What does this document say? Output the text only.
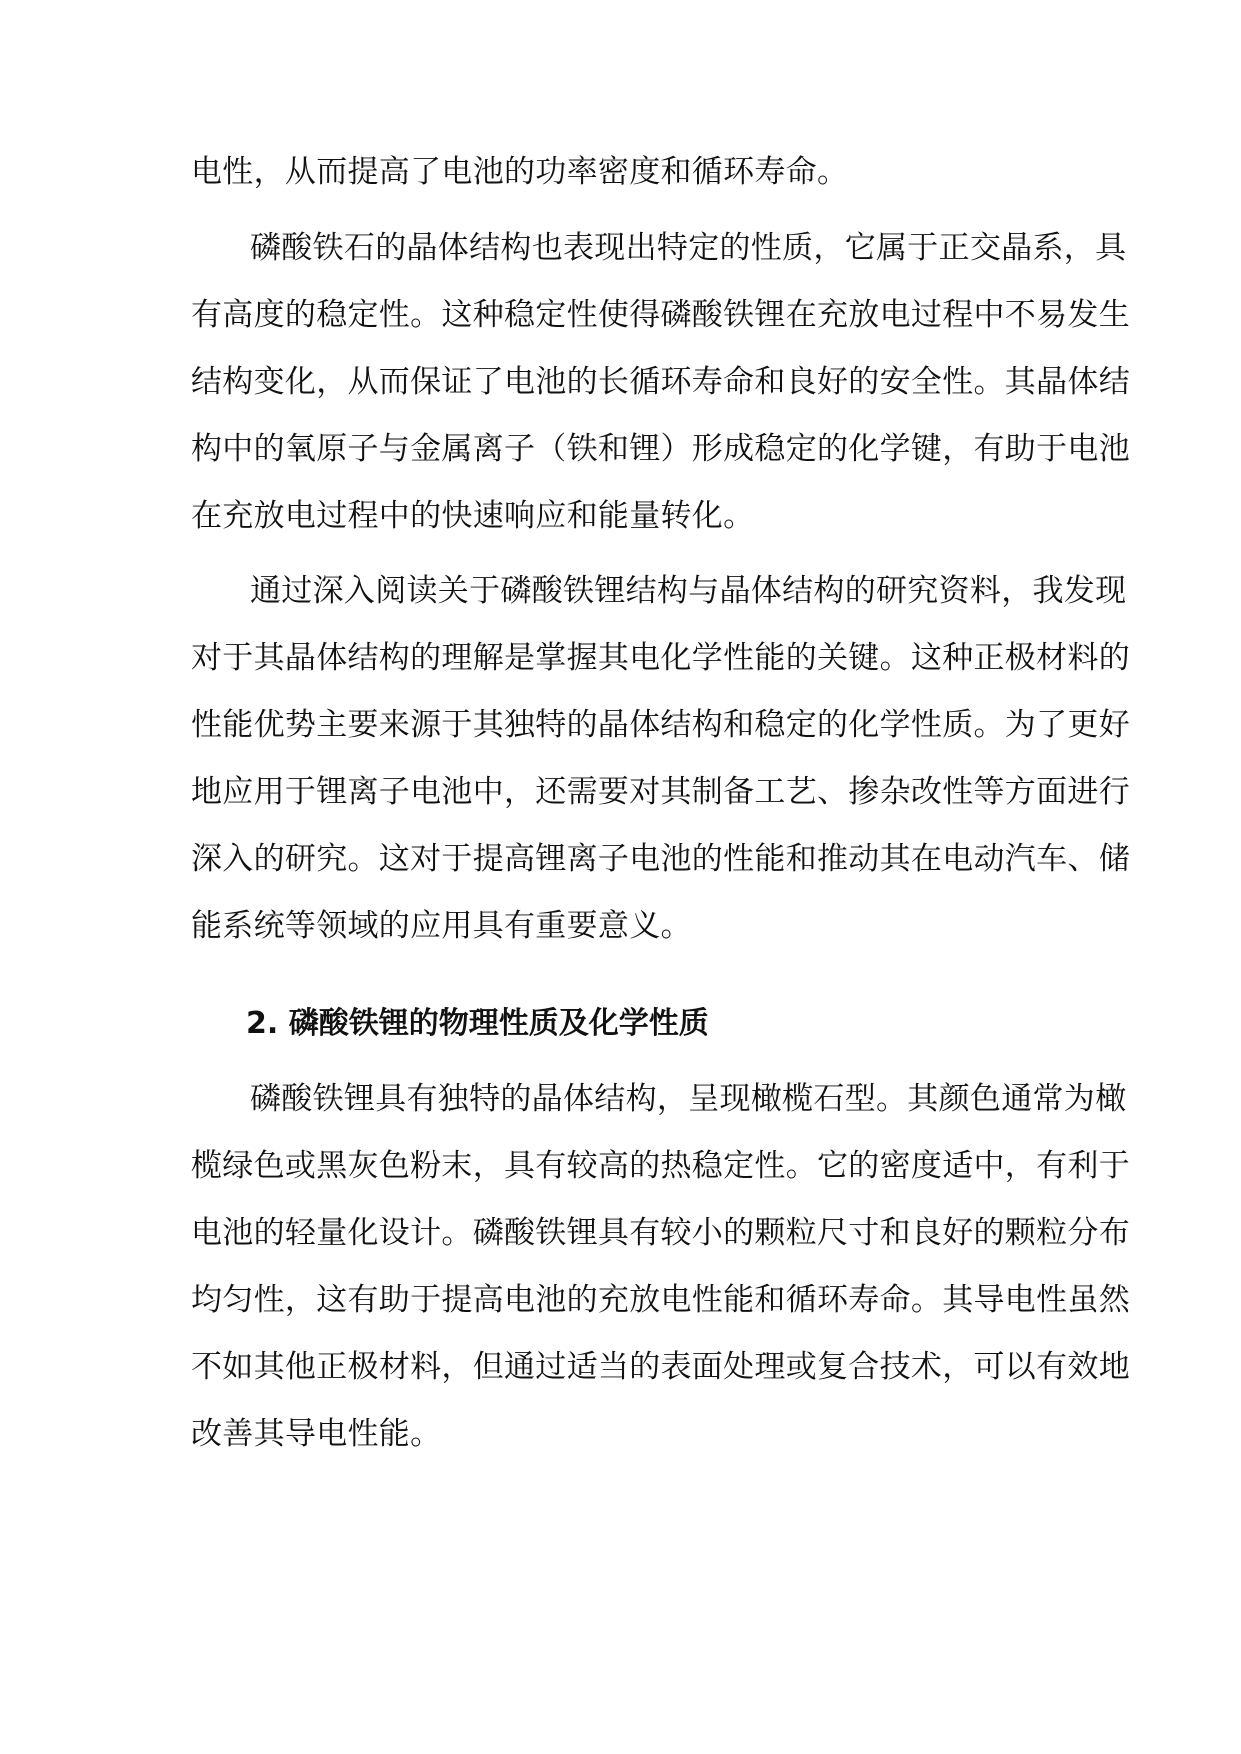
电性，从而提高了电池的功率密度和循环寿命。
磷酸铁石的晶体结构也表现出特定的性质，它属于正交晶系，具
有高度的稳定性。这种稳定性使得磷酸铁锂在充放电过程中不易发生
结构变化，从而保证了电池的长循环寿命和良好的安全性。其晶体结
构中的氧原子与金属离子（铁和锂）形成稳定的化学键，有助于电池
在充放电过程中的快速响应和能量转化。
通过深入阅读关于磷酸铁锂结构与晶体结构的研究资料，我发现
对于其晶体结构的理解是掌握其电化学性能的关键。这种正极材料的
性能优势主要来源于其独特的晶体结构和稳定的化学性质。为了更好
地应用于锂离子电池中，还需要对其制备工艺、掺杂改性等方面进行
深入的研究。这对于提高锂离子电池的性能和推动其在电动汽车、储
能系统等领域的应用具有重要意义。
2. 磷酸铁锂的物理性质及化学性质
磷酸铁锂具有独特的晶体结构，呈现橄榄石型。其颜色通常为橄
榄绿色或黑灰色粉末，具有较高的热稳定性。它的密度适中，有利于
电池的轻量化设计。磷酸铁锂具有较小的颗粒尺寸和良好的颗粒分布
均匀性，这有助于提高电池的充放电性能和循环寿命。其导电性虽然
不如其他正极材料，但通过适当的表面处理或复合技术，可以有效地
改善其导电性能。
